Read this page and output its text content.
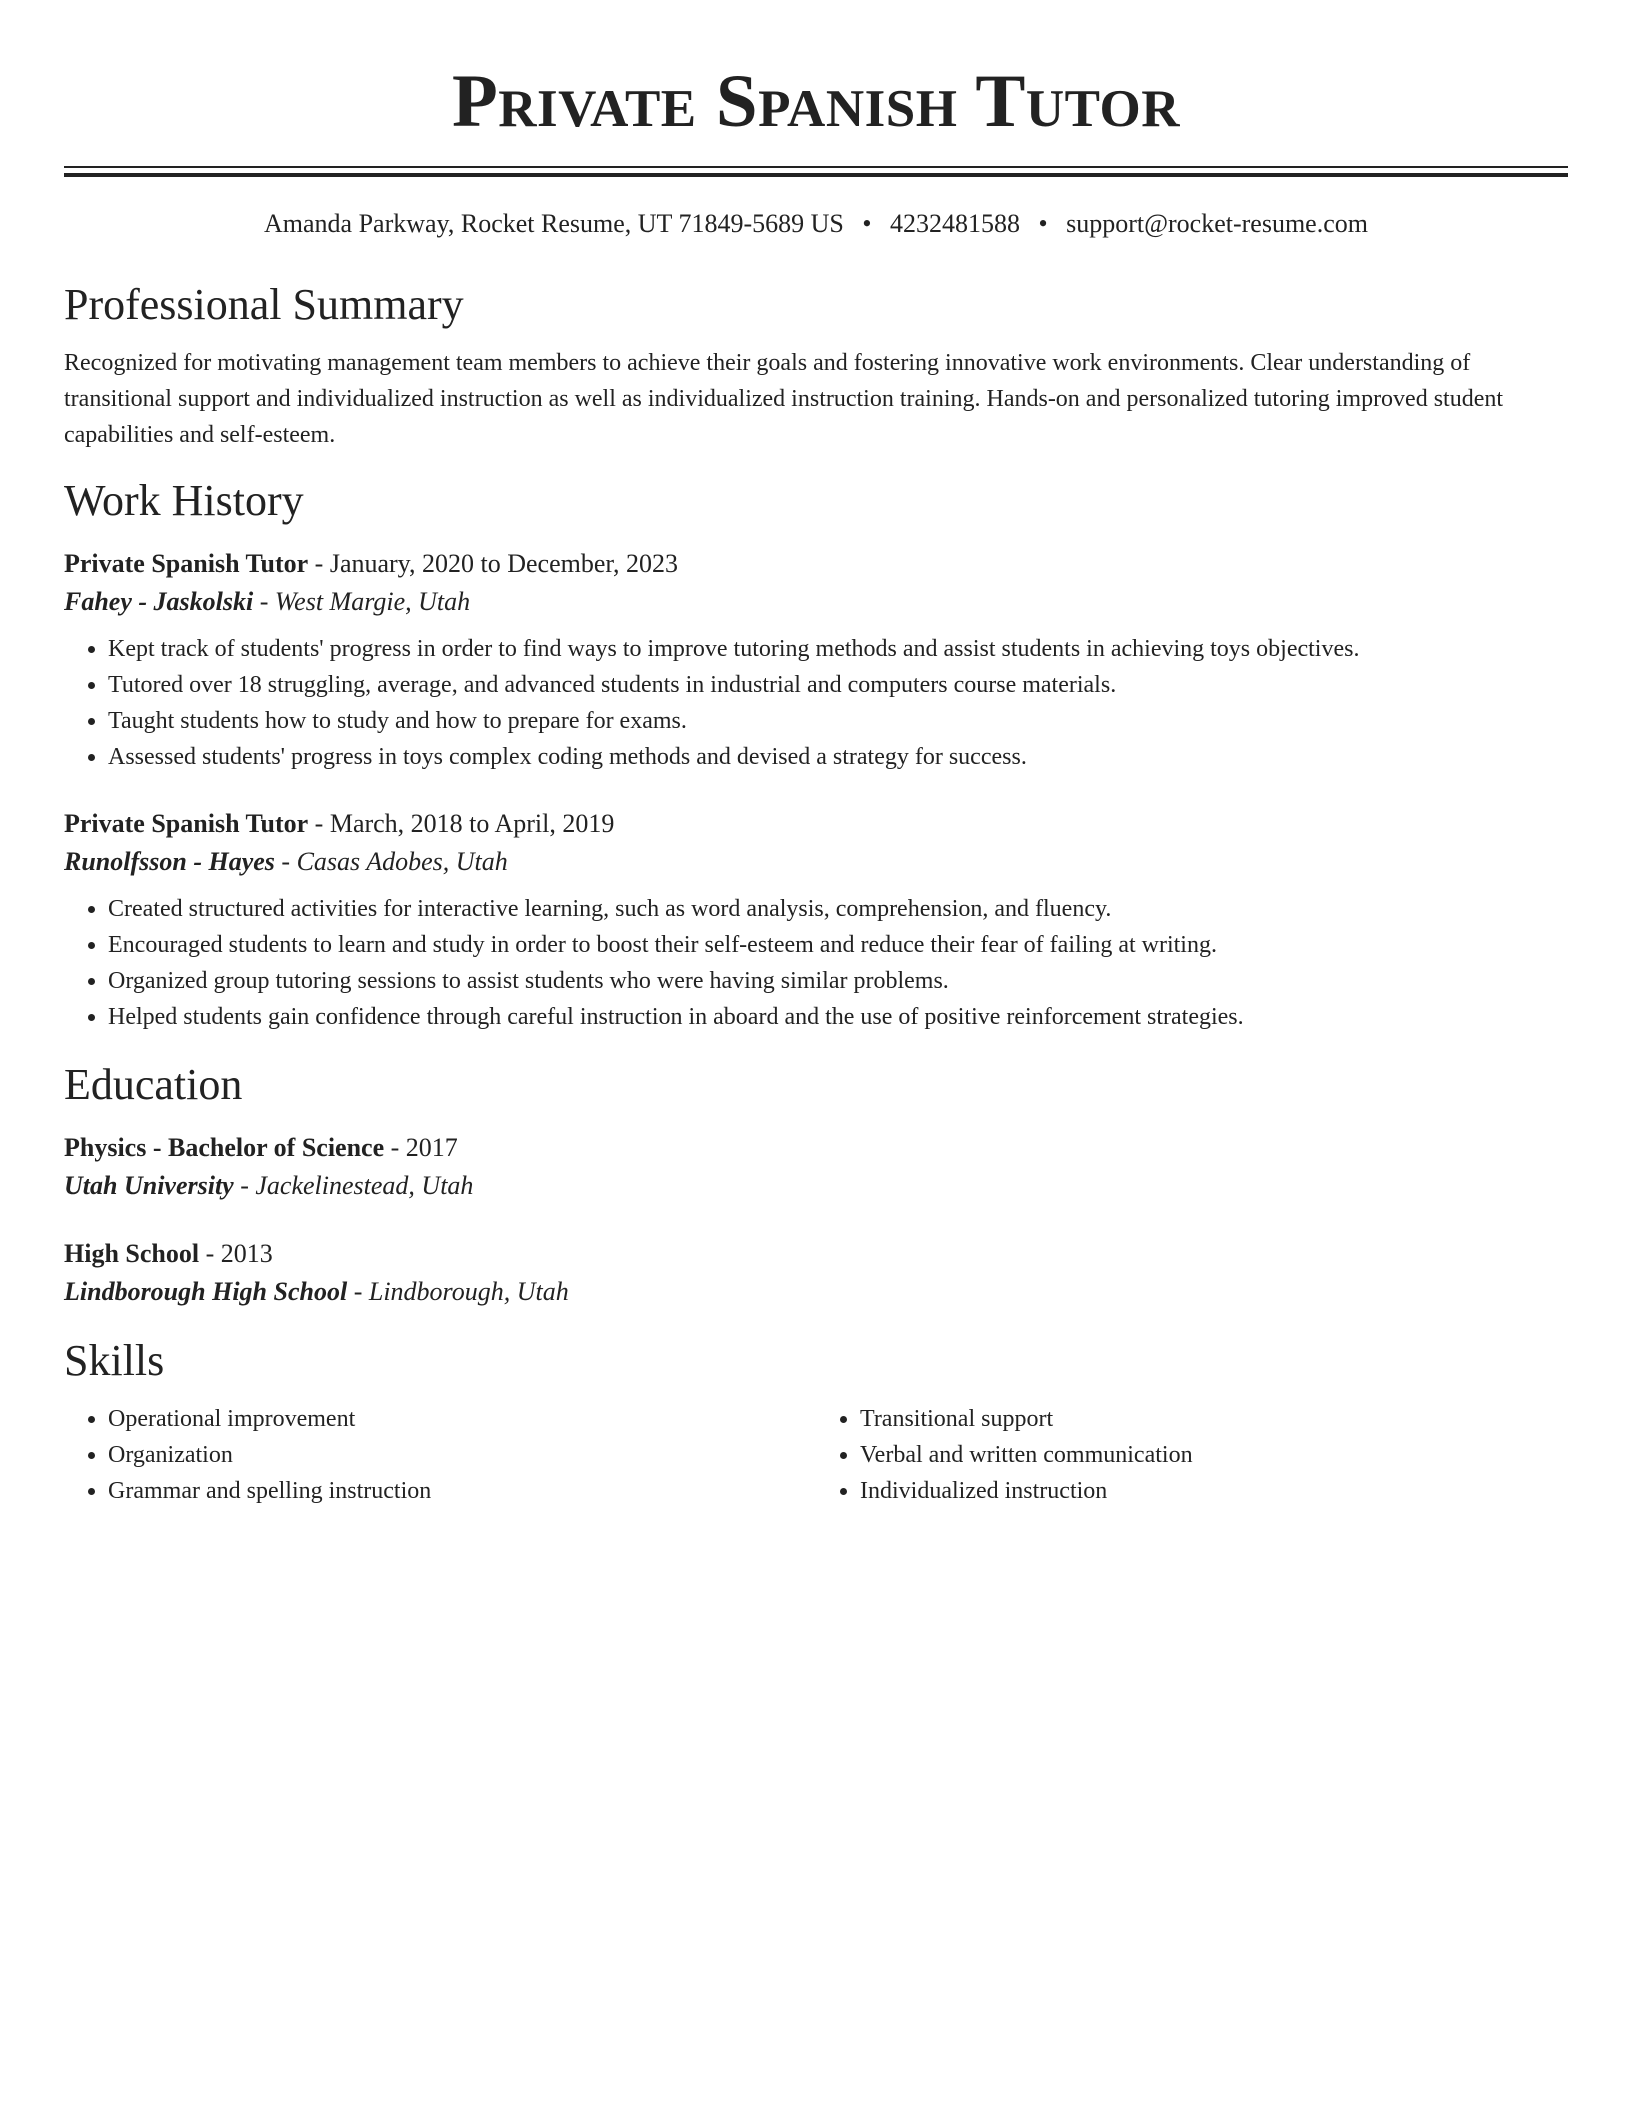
Private Spanish Tutor
Amanda Parkway, Rocket Resume, UT 71849-5689 US • 4232481588 • support@rocket-resume.com
Professional Summary
Recognized for motivating management team members to achieve their goals and fostering innovative work environments. Clear understanding of transitional support and individualized instruction as well as individualized instruction training. Hands-on and personalized tutoring improved student capabilities and self-esteem.
Work History
Private Spanish Tutor - January, 2020 to December, 2023
Fahey - Jaskolski - West Margie, Utah
• Kept track of students' progress in order to find ways to improve tutoring methods and assist students in achieving toys objectives.
• Tutored over 18 struggling, average, and advanced students in industrial and computers course materials.
• Taught students how to study and how to prepare for exams.
• Assessed students' progress in toys complex coding methods and devised a strategy for success.
Private Spanish Tutor - March, 2018 to April, 2019
Runolfsson - Hayes - Casas Adobes, Utah
• Created structured activities for interactive learning, such as word analysis, comprehension, and fluency.
• Encouraged students to learn and study in order to boost their self-esteem and reduce their fear of failing at writing.
• Organized group tutoring sessions to assist students who were having similar problems.
• Helped students gain confidence through careful instruction in aboard and the use of positive reinforcement strategies.
Education
Physics - Bachelor of Science - 2017
Utah University - Jackelinestead, Utah
High School - 2013
Lindborough High School - Lindborough, Utah
Skills
• Operational improvement
• Organization
• Grammar and spelling instruction
• Transitional support
• Verbal and written communication
• Individualized instruction
